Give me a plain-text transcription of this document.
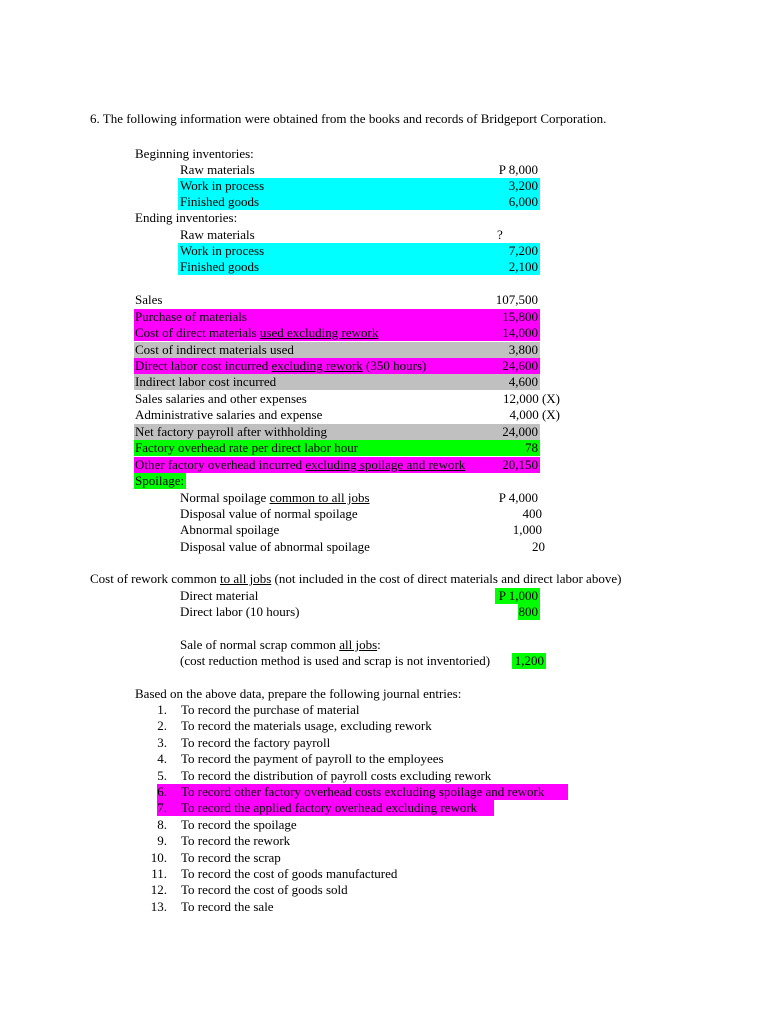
6. The following information were obtained from the books and records of Bridgeport Corporation.
Beginning inventories:
Raw materials	P 8,000
Work in process	3,200
Finished goods	6,000
Ending inventories:
Raw materials	?
Work in process	7,200
Finished goods	2,100
Sales	107,500
Purchase of materials	15,800
Cost of direct materials used excluding rework	14,000
Cost of indirect materials used	3,800
Direct labor cost incurred excluding rework (350 hours)	24,600
Indirect labor cost incurred	4,600
Sales salaries and other expenses	12,000 (X)
Administrative salaries and expense	4,000 (X)
Net factory payroll after withholding	24,000
Factory overhead rate per direct labor hour	78
Other factory overhead incurred excluding spoilage and rework	20,150
Spoilage:
Normal spoilage common to all jobs	P 4,000
Disposal value of normal spoilage	400
Abnormal spoilage	1,000
Disposal value of abnormal spoilage	20
Cost of rework common to all jobs (not included in the cost of direct materials and direct labor above)
Direct material	P 1,000
Direct labor (10 hours)	800
Sale of normal scrap common all jobs:
(cost reduction method is used and scrap is not inventoried)	1,200
Based on the above data, prepare the following journal entries:
1. To record the purchase of material
2. To record the materials usage, excluding rework
3. To record the factory payroll
4. To record the payment of payroll to the employees
5. To record the distribution of payroll costs excluding rework
6. To record other factory overhead costs excluding spoilage and rework
7. To record the applied factory overhead excluding rework
8. To record the spoilage
9. To record the rework
10. To record the scrap
11. To record the cost of goods manufactured
12. To record the cost of goods sold
13. To record the sale
